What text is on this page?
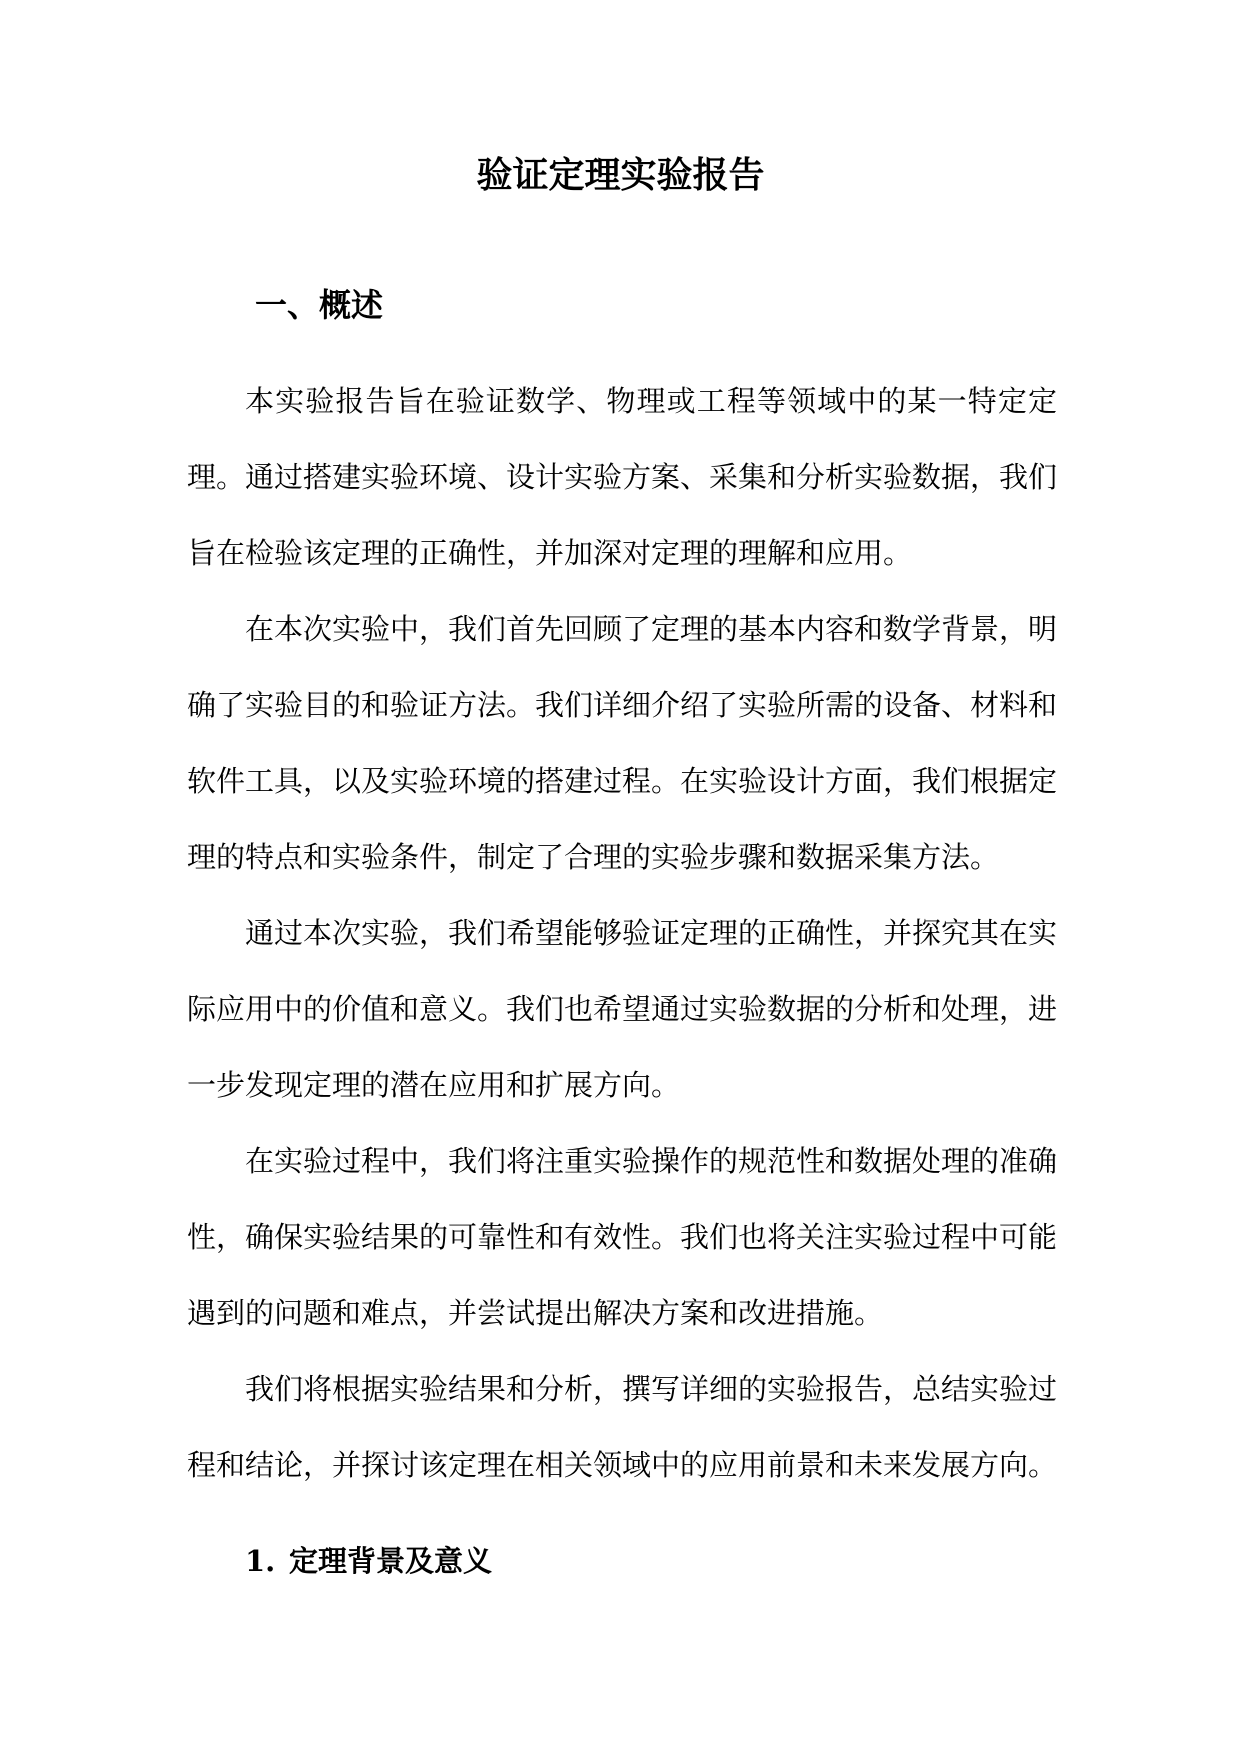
验证定理实验报告
一、概述

本实验报告旨在验证数学、物理或工程等领域中的某一特定定理。通过搭建实验环境、设计实验方案、采集和分析实验数据，我们旨在检验该定理的正确性，并加深对定理的理解和应用。

在本次实验中，我们首先回顾了定理的基本内容和数学背景，明确了实验目的和验证方法。我们详细介绍了实验所需的设备、材料和软件工具，以及实验环境的搭建过程。在实验设计方面，我们根据定理的特点和实验条件，制定了合理的实验步骤和数据采集方法。

通过本次实验，我们希望能够验证定理的正确性，并探究其在实际应用中的价值和意义。我们也希望通过实验数据的分析和处理，进一步发现定理的潜在应用和扩展方向。

在实验过程中，我们将注重实验操作的规范性和数据处理的准确性，确保实验结果的可靠性和有效性。我们也将关注实验过程中可能遇到的问题和难点，并尝试提出解决方案和改进措施。

我们将根据实验结果和分析，撰写详细的实验报告，总结实验过程和结论，并探讨该定理在相关领域中的应用前景和未来发展方向。

1. 定理背景及意义
